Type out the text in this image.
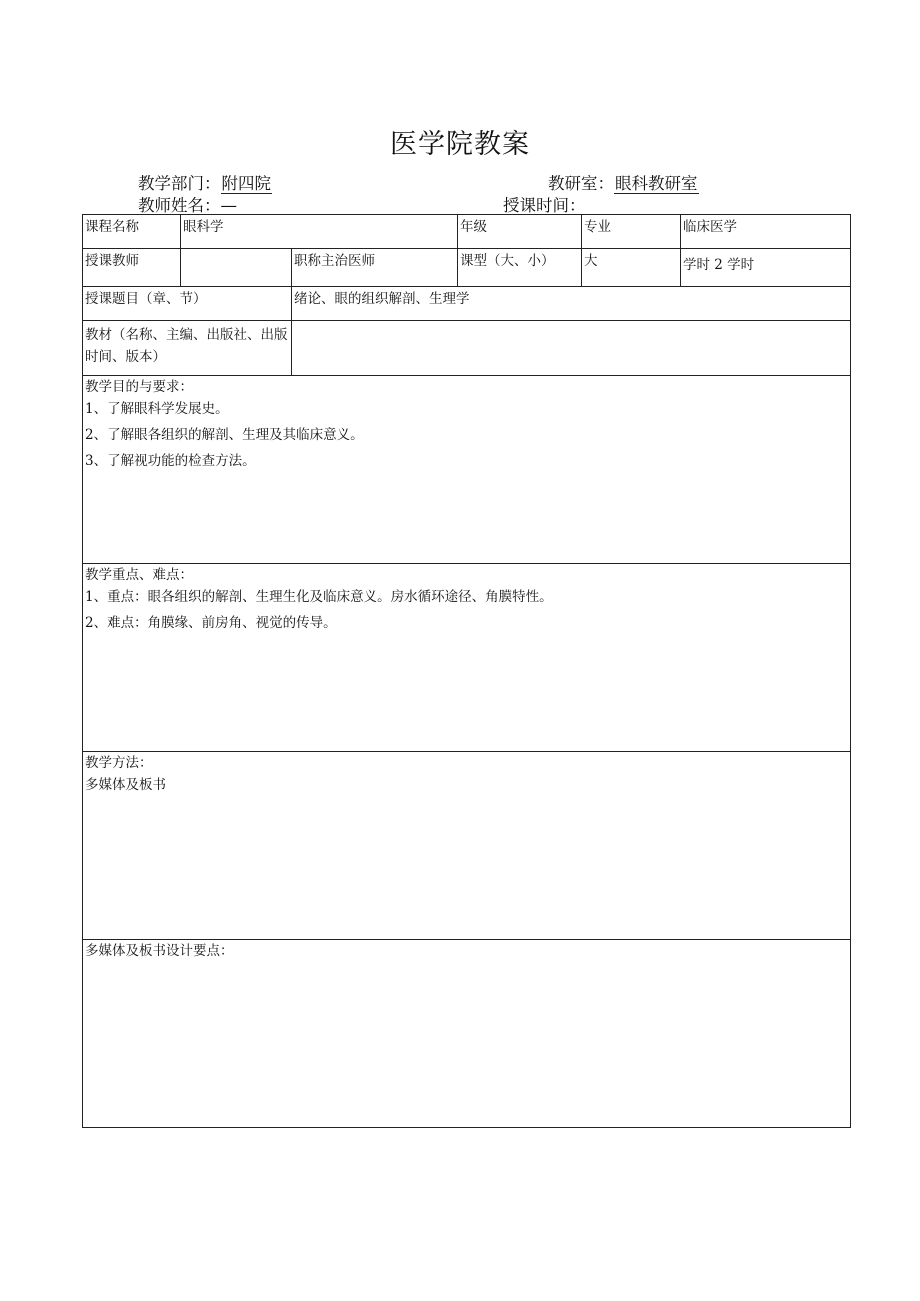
医学院教案
教学部门：附四院	教研室：眼科教研室
教师姓名：—	授课时间：
课程名称	眼科学		年级	专业	临床医学
授课教师		职称主治医师	课型（大、小）	大	学时 2 学时
授课题目（章、节）		绪论、眼的组织解剖、生理学			
教材（名称、主编、出版社、出版时间、版本）					

教学目的与要求：
1、了解眼科学发展史。
2、了解眼各组织的解剖、生理及其临床意义。
3、了解视功能的检查方法。					

教学重点、难点：
1、重点：眼各组织的解剖、生理生化及临床意义。房水循环途径、角膜特性。
2、难点：角膜缘、前房角、视觉的传导。					

教学方法：
多媒体及板书					

多媒体及板书设计要点：					
